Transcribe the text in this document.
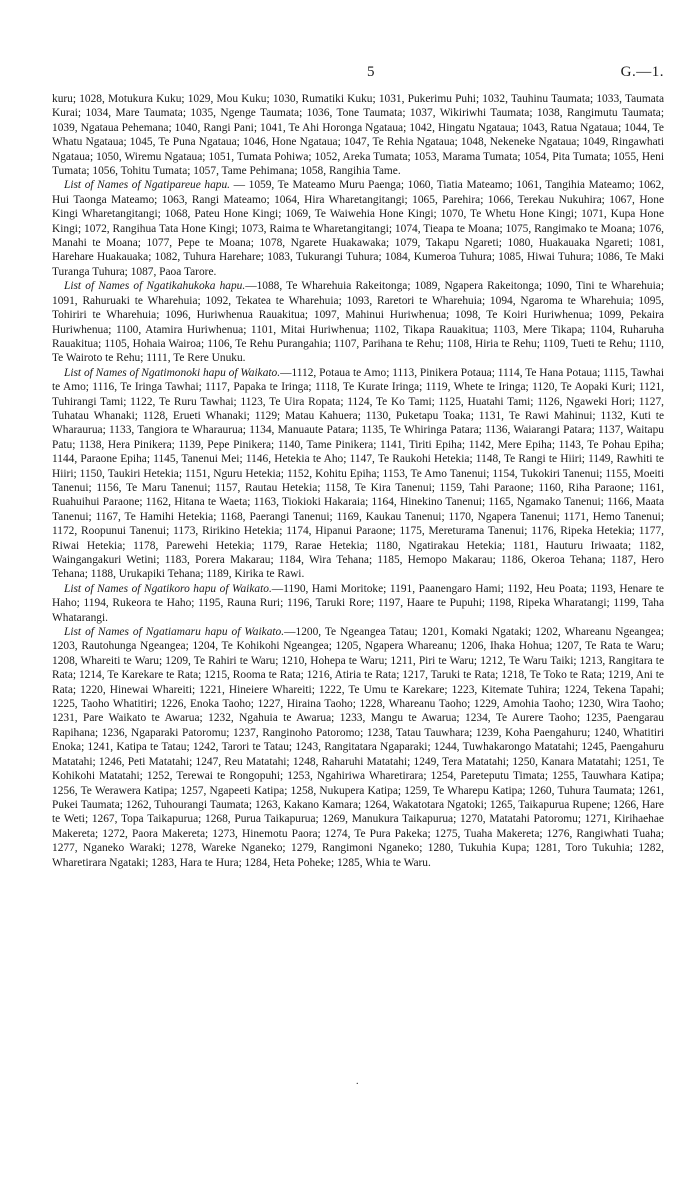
5	G.—1.

kuru; 1028, Motukura Kuku; 1029, Mou Kuku; 1030, Rumatiki Kuku; 1031, Pukerimu Puhi; 1032, Tauhinu Taumata; 1033, Taumata Kurai; 1034, Mare Taumata; 1035, Ngenge Taumata; 1036, Tone Taumata; 1037, Wikiriwhi Taumata; 1038, Rangimutu Taumata; 1039, Ngataua Pehemana; 1040, Rangi Pani; 1041, Te Ahi Horonga Ngataua; 1042, Hingatu Ngataua; 1043, Ratua Ngataua; 1044, Te Whatu Ngataua; 1045, Te Puna Ngataua; 1046, Hone Ngataua; 1047, Te Rehia Ngataua; 1048, Nekeneke Ngataua; 1049, Ringawhati Ngataua; 1050, Wiremu Ngataua; 1051, Tumata Pohiwa; 1052, Areka Tumata; 1053, Marama Tumata; 1054, Pita Tumata; 1055, Heni Tumata; 1056, Tohitu Tumata; 1057, Tame Pehimana; 1058, Rangihia Tame.

List of Names of Ngatipareue hapu. — 1059, Te Mateamo Muru Paenga; 1060, Tiatia Mateamo; 1061, Tangihia Mateamo; 1062, Hui Taonga Mateamo; 1063, Rangi Mateamo; 1064, Hira Wharetangitangi; 1065, Parehira; 1066, Terekau Nukuhira; 1067, Hone Kingi Wharetangitangi; 1068, Pateu Hone Kingi; 1069, Te Waiwehia Hone Kingi; 1070, Te Whetu Hone Kingi; 1071, Kupa Hone Kingi; 1072, Rangihua Tata Hone Kingi; 1073, Raima te Wharetangitangi; 1074, Tieapa te Moana; 1075, Rangimako te Moana; 1076, Manahi te Moana; 1077, Pepe te Moana; 1078, Ngarete Huakawaka; 1079, Takapu Ngareti; 1080, Huakauaka Ngareti; 1081, Harehare Huakauaka; 1082, Tuhura Harehare; 1083, Tukurangi Tuhura; 1084, Kumeroa Tuhura; 1085, Hiwai Tuhura; 1086, Te Maki Turanga Tuhura; 1087, Paoa Tarore.

List of Names of Ngatikahukoka hapu.—1088, Te Wharehuia Rakeitonga; 1089, Ngapera Rakeitonga; 1090, Tini te Wharehuia; 1091, Rahuruaki te Wharehuia; 1092, Tekatea te Wharehuia; 1093, Raretori te Wharehuia; 1094, Ngaroma te Wharehuia; 1095, Tohiriri te Wharehuia; 1096, Huriwhenua Rauakitua; 1097, Mahinui Huriwhenua; 1098, Te Koiri Huriwhenua; 1099, Pekaira Huriwhenua; 1100, Atamira Huriwhenua; 1101, Mitai Huriwhenua; 1102, Tikapa Rauakitua; 1103, Mere Tikapa; 1104, Ruharuha Rauakitua; 1105, Hohaia Wairoa; 1106, Te Rehu Purangahia; 1107, Parihana te Rehu; 1108, Hiria te Rehu; 1109, Tueti te Rehu; 1110, Te Wairoto te Rehu; 1111, Te Rere Unuku.

List of Names of Ngatimonoki hapu of Waikato.—1112, Potaua te Amo; 1113, Pinikera Potaua; 1114, Te Hana Potaua; 1115, Tawhai te Amo; 1116, Te Iringa Tawhai; 1117, Papaka te Iringa; 1118, Te Kurate Iringa; 1119, Whete te Iringa; 1120, Te Aopaki Kuri; 1121, Tuhirangi Tami; 1122, Te Ruru Tawhai; 1123, Te Uira Ropata; 1124, Te Ko Tami; 1125, Huatahi Tami; 1126, Ngaweki Hori; 1127, Tuhatau Whanaki; 1128, Erueti Whanaki; 1129; Matau Kahuera; 1130, Puketapu Toaka; 1131, Te Rawi Mahinui; 1132, Kuti te Wharaurua; 1133, Tangiora te Wharaurua; 1134, Manuaute Patara; 1135, Te Whiringa Patara; 1136, Waiarangi Patara; 1137, Waitapu Patu; 1138, Hera Pinikera; 1139, Pepe Pinikera; 1140, Tame Pinikera; 1141, Tiriti Epiha; 1142, Mere Epiha; 1143, Te Pohau Epiha; 1144, Paraone Epiha; 1145, Tanenui Mei; 1146, Hetekia te Aho; 1147, Te Raukohi Hetekia; 1148, Te Rangi te Hiiri; 1149, Rawhiti te Hiiri; 1150, Taukiri Hetekia; 1151, Nguru Hetekia; 1152, Kohitu Epiha; 1153, Te Amo Tanenui; 1154, Tukokiri Tanenui; 1155, Moeiti Tanenui; 1156, Te Maru Tanenui; 1157, Rautau Hetekia; 1158, Te Kira Tanenui; 1159, Tahi Paraone; 1160, Riha Paraone; 1161, Ruahuihui Paraone; 1162, Hitana te Waeta; 1163, Tiokioki Hakaraia; 1164, Hinekino Tanenui; 1165, Ngamako Tanenui; 1166, Maata Tanenui; 1167, Te Hamihi Hetekia; 1168, Paerangi Tanenui; 1169, Kaukau Tanenui; 1170, Ngapera Tanenui; 1171, Hemo Tanenui; 1172, Roopunui Tanenui; 1173, Ririkino Hetekia; 1174, Hipanui Paraone; 1175, Mereturama Tanenui; 1176, Ripeka Hetekia; 1177, Riwai Hetekia; 1178, Parewehi Hetekia; 1179, Rarae Hetekia; 1180, Ngatirakau Hetekia; 1181, Hauturu Iriwaata; 1182, Waingangakuri Wetini; 1183, Porera Makarau; 1184, Wira Tehana; 1185, Hemopo Makarau; 1186, Okeroa Tehana; 1187, Hero Tehana; 1188, Urukapiki Tehana; 1189, Kirika te Rawi.

List of Names of Ngatikoro hapu of Waikato.—1190, Hami Moritoke; 1191, Paanengaro Hami; 1192, Heu Poata; 1193, Henare te Haho; 1194, Rukeora te Haho; 1195, Rauna Ruri; 1196, Taruki Rore; 1197, Haare te Pupuhi; 1198, Ripeka Wharatangi; 1199, Taha Whatarangi.

List of Names of Ngatiamaru hapu of Waikato.—1200, Te Ngeangea Tatau; 1201, Komaki Ngataki; 1202, Whareanu Ngeangea; 1203, Rautohunga Ngeangea; 1204, Te Kohikohi Ngeangea; 1205, Ngapera Whareanu; 1206, Ihaka Hohua; 1207, Te Rata te Waru; 1208, Whareiti te Waru; 1209, Te Rahiri te Waru; 1210, Hohepa te Waru; 1211, Piri te Waru; 1212, Te Waru Taiki; 1213, Rangitara te Rata; 1214, Te Karekare te Rata; 1215, Rooma te Rata; 1216, Atiria te Rata; 1217, Taruki te Rata; 1218, Te Toko te Rata; 1219, Ani te Rata; 1220, Hinewai Whareiti; 1221, Hineiere Whareiti; 1222, Te Umu te Karekare; 1223, Kitemate Tuhira; 1224, Tekena Tapahi; 1225, Taoho Whatitiri; 1226, Enoka Taoho; 1227, Hiraina Taoho; 1228, Whareanu Taoho; 1229, Amohia Taoho; 1230, Wira Taoho; 1231, Pare Waikato te Awarua; 1232, Ngahuia te Awarua; 1233, Mangu te Awarua; 1234, Te Aurere Taoho; 1235, Paengarau Rapihana; 1236, Ngaparaki Patoromu; 1237, Ranginoho Patoromo; 1238, Tatau Tauwhara; 1239, Koha Paengahuru; 1240, Whatitiri Enoka; 1241, Katipa te Tatau; 1242, Tarori te Tatau; 1243, Rangitatara Ngaparaki; 1244, Tuwhakarongo Matatahi; 1245, Paengahuru Matatahi; 1246, Peti Matatahi; 1247, Reu Matatahi; 1248, Raharuhi Matatahi; 1249, Tera Matatahi; 1250, Kanara Matatahi; 1251, Te Kohikohi Matatahi; 1252, Terewai te Rongopuhi; 1253, Ngahiriwa Wharetirara; 1254, Pareteputu Timata; 1255, Tauwhara Katipa; 1256, Te Werawera Katipa; 1257, Ngapeeti Katipa; 1258, Nukupera Katipa; 1259, Te Wharepu Katipa; 1260, Tuhura Taumata; 1261, Pukei Taumata; 1262, Tuhourangi Taumata; 1263, Kakano Kamara; 1264, Wakatotara Ngatoki; 1265, Taikapurua Rupene; 1266, Hare te Weti; 1267, Topa Taikapurua; 1268, Purua Taikapurua; 1269, Manukura Taikapurua; 1270, Matatahi Patoromu; 1271, Kirihaehae Makereta; 1272, Paora Makereta; 1273, Hinemotu Paora; 1274, Te Pura Pakeka; 1275, Tuaha Makereta; 1276, Rangiwhati Tuaha; 1277, Nganeko Waraki; 1278, Wareke Nganeko; 1279, Rangimoni Nganeko; 1280, Tukuhia Kupa; 1281, Toro Tukuhia; 1282, Wharetirara Ngataki; 1283, Hara te Hura; 1284, Heta Poheke; 1285, Whia te Waru.

.
